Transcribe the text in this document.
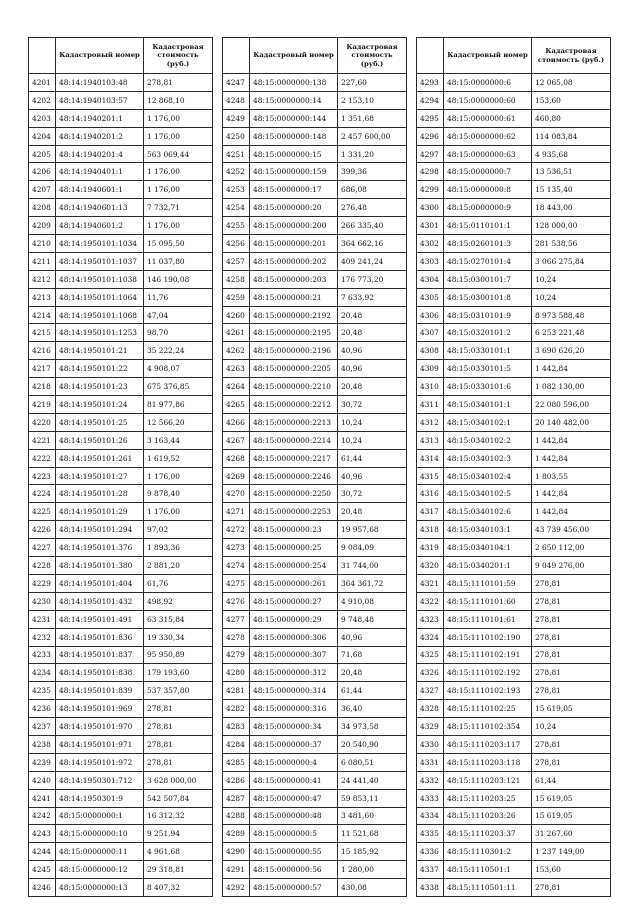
	Кадастровый номер	Кадастровая стоимость (руб.)
4201	48:14:1940103:48	278,81
4202	48:14:1940103:57	12 868,10
4203	48:14:1940201:1	1 176,00
4204	48:14:1940201:2	1 176,00
4205	48:14:1940201:4	563 069,44
4206	48:14:1940401:1	1 176,00
4207	48:14:1940601:1	1 176,00
4208	48:14:1940601:13	7 732,71
4209	48:14:1940601:2	1 176,00
4210	48:14:1950101:1034	15 095,50
4211	48:14:1950101:1037	11 037,80
4212	48:14:1950101:1038	146 190,08
4213	48:14:1950101:1064	11,76
4214	48:14:1950101:1068	47,04
4215	48:14:1950101:1253	98,70
4216	48:14:1950101:21	35 222,24
4217	48:14:1950101:22	4 908,07
4218	48:14:1950101:23	675 376,85
4219	48:14:1950101:24	81 977,86
4220	48:14:1950101:25	12 566,20
4221	48:14:1950101:26	3 163,44
4222	48:14:1950101:261	1 619,52
4223	48:14:1950101:27	1 176,00
4224	48:14:1950101:28	9 878,40
4225	48:14:1950101:29	1 176,00
4226	48:14:1950101:294	97,02
4227	48:14:1950101:376	1 893,36
4228	48:14:1950101:380	2 881,20
4229	48:14:1950101:404	61,76
4230	48:14:1950101:432	498,92
4231	48:14:1950101:491	63 315,84
4232	48:14:1950101:836	19 330,34
4233	48:14:1950101:837	95 950,89
4234	48:14:1950101:838	179 193,60
4235	48:14:1950101:839	537 357,80
4236	48:14:1950101:969	278,81
4237	48:14:1950101:970	278,81
4238	48:14:1950101:971	278,81
4239	48:14:1950101:972	278,81
4240	48:14:1950301:712	3 628 000,00
4241	48:14:1950301:9	542 507,84
4242	48:15:0000000:1	16 312,32
4243	48:15:0000000:10	9 251,94
4244	48:15:0000000:11	4 961,68
4245	48:15:0000000:12	29 318,81
4246	48:15:0000000:13	8 407,32
	Кадастровый номер	Кадастровая стоимость (руб.)
4247	48:15:0000000:138	227,60
4248	48:15:0000000:14	2 153,10
4249	48:15:0000000:144	1 351,68
4250	48:15:0000000:148	2 457 600,00
4251	48:15:0000000:15	1 331,20
4252	48:15:0000000:159	399,36
4253	48:15:0000000:17	686,08
4254	48:15:0000000:20	276,48
4255	48:15:0000000:200	266 335,40
4256	48:15:0000000:201	364 662,16
4257	48:15:0000000:202	409 241,24
4258	48:15:0000000:203	176 773,20
4259	48:15:0000000:21	7 633,92
4260	48:15:0000000:2192	20,48
4261	48:15:0000000:2195	20,48
4262	48:15:0000000:2196	40,96
4263	48:15:0000000:2205	40,96
4264	48:15:0000000:2210	20,48
4265	48:15:0000000:2212	30,72
4266	48:15:0000000:2213	10,24
4267	48:15:0000000:2214	10,24
4268	48:15:0000000:2217	61,44
4269	48:15:0000000:2246	40,96
4270	48:15:0000000:2250	30,72
4271	48:15:0000000:2253	20,48
4272	48:15:0000000:23	19 957,68
4273	48:15:0000000:25	9 084,09
4274	48:15:0000000:254	31 744,00
4275	48:15:0000000:261	364 361,72
4276	48:15:0000000:27	4 910,08
4277	48:15:0000000:29	9 748,48
4278	48:15:0000000:306	40,96
4279	48:15:0000000:307	71,68
4280	48:15:0000000:312	20,48
4281	48:15:0000000:314	61,44
4282	48:15:0000000:316	36,40
4283	48:15:0000000:34	34 973,58
4284	48:15:0000000:37	20 540,90
4285	48:15:0000000:4	6 080,51
4286	48:15:0000000:41	24 441,40
4287	48:15:0000000:47	59 853,11
4288	48:15:0000000:48	3 481,60
4289	48:15:0000000:5	11 521,68
4290	48:15:0000000:55	15 185,92
4291	48:15:0000000:56	1 280,00
4292	48:15:0000000:57	430,08
	Кадастровый номер	Кадастровая стоимость (руб.)
4293	48:15:0000000:6	12 065,08
4294	48:15:0000000:60	153,60
4295	48:15:0000000:61	460,80
4296	48:15:0000000:62	114 083,84
4297	48:15:0000000:63	4 935,68
4298	48:15:0000000:7	13 536,51
4299	48:15:0000000:8	15 135,40
4300	48:15:0000000:9	18 443,00
4301	48:15:0110101:1	128 000,00
4302	48:15:0260101:3	281 538,56
4303	48:15:0270101:4	3 066 275,84
4304	48:15:0300101:7	10,24
4305	48:15:0300101:8	10,24
4306	48:15:0310101:9	8 973 588,48
4307	48:15:0320101:2	6 253 221,48
4308	48:15:0330101:1	3 690 626,20
4309	48:15:0330101:5	1 442,84
4310	48:15:0330101:6	1 082 130,00
4311	48:15:0340101:1	22 080 596,00
4312	48:15:0340102:1	20 140 482,00
4313	48:15:0340102:2	1 442,84
4314	48:15:0340102:3	1 442,84
4315	48:15:0340102:4	1 803,55
4316	48:15:0340102:5	1 442,84
4317	48:15:0340102:6	1 442,84
4318	48:15:0340103:1	43 739 456,00
4319	48:15:0340104:1	2 650 112,00
4320	48:15:0340201:1	9 049 276,00
4321	48:15:1110101:59	278,81
4322	48:15:1110101:60	278,81
4323	48:15:1110101:61	278,81
4324	48:15:1110102:190	278,81
4325	48:15:1110102:191	278,81
4326	48:15:1110102:192	278,81
4327	48:15:1110102:193	278,81
4328	48:15:1110102:25	15 619,05
4329	48:15:1110102:354	10,24
4330	48:15:1110203:117	278,81
4331	48:15:1110203:118	278,81
4332	48:15:1110203:121	61,44
4333	48:15:1110203:25	15 619,05
4334	48:15:1110203:26	15 619,05
4335	48:15:1110203:37	31 267,60
4336	48:15:1110301:2	1 237 149,00
4337	48:15:1110501:1	153,60
4338	48:15:1110501:11	278,81
